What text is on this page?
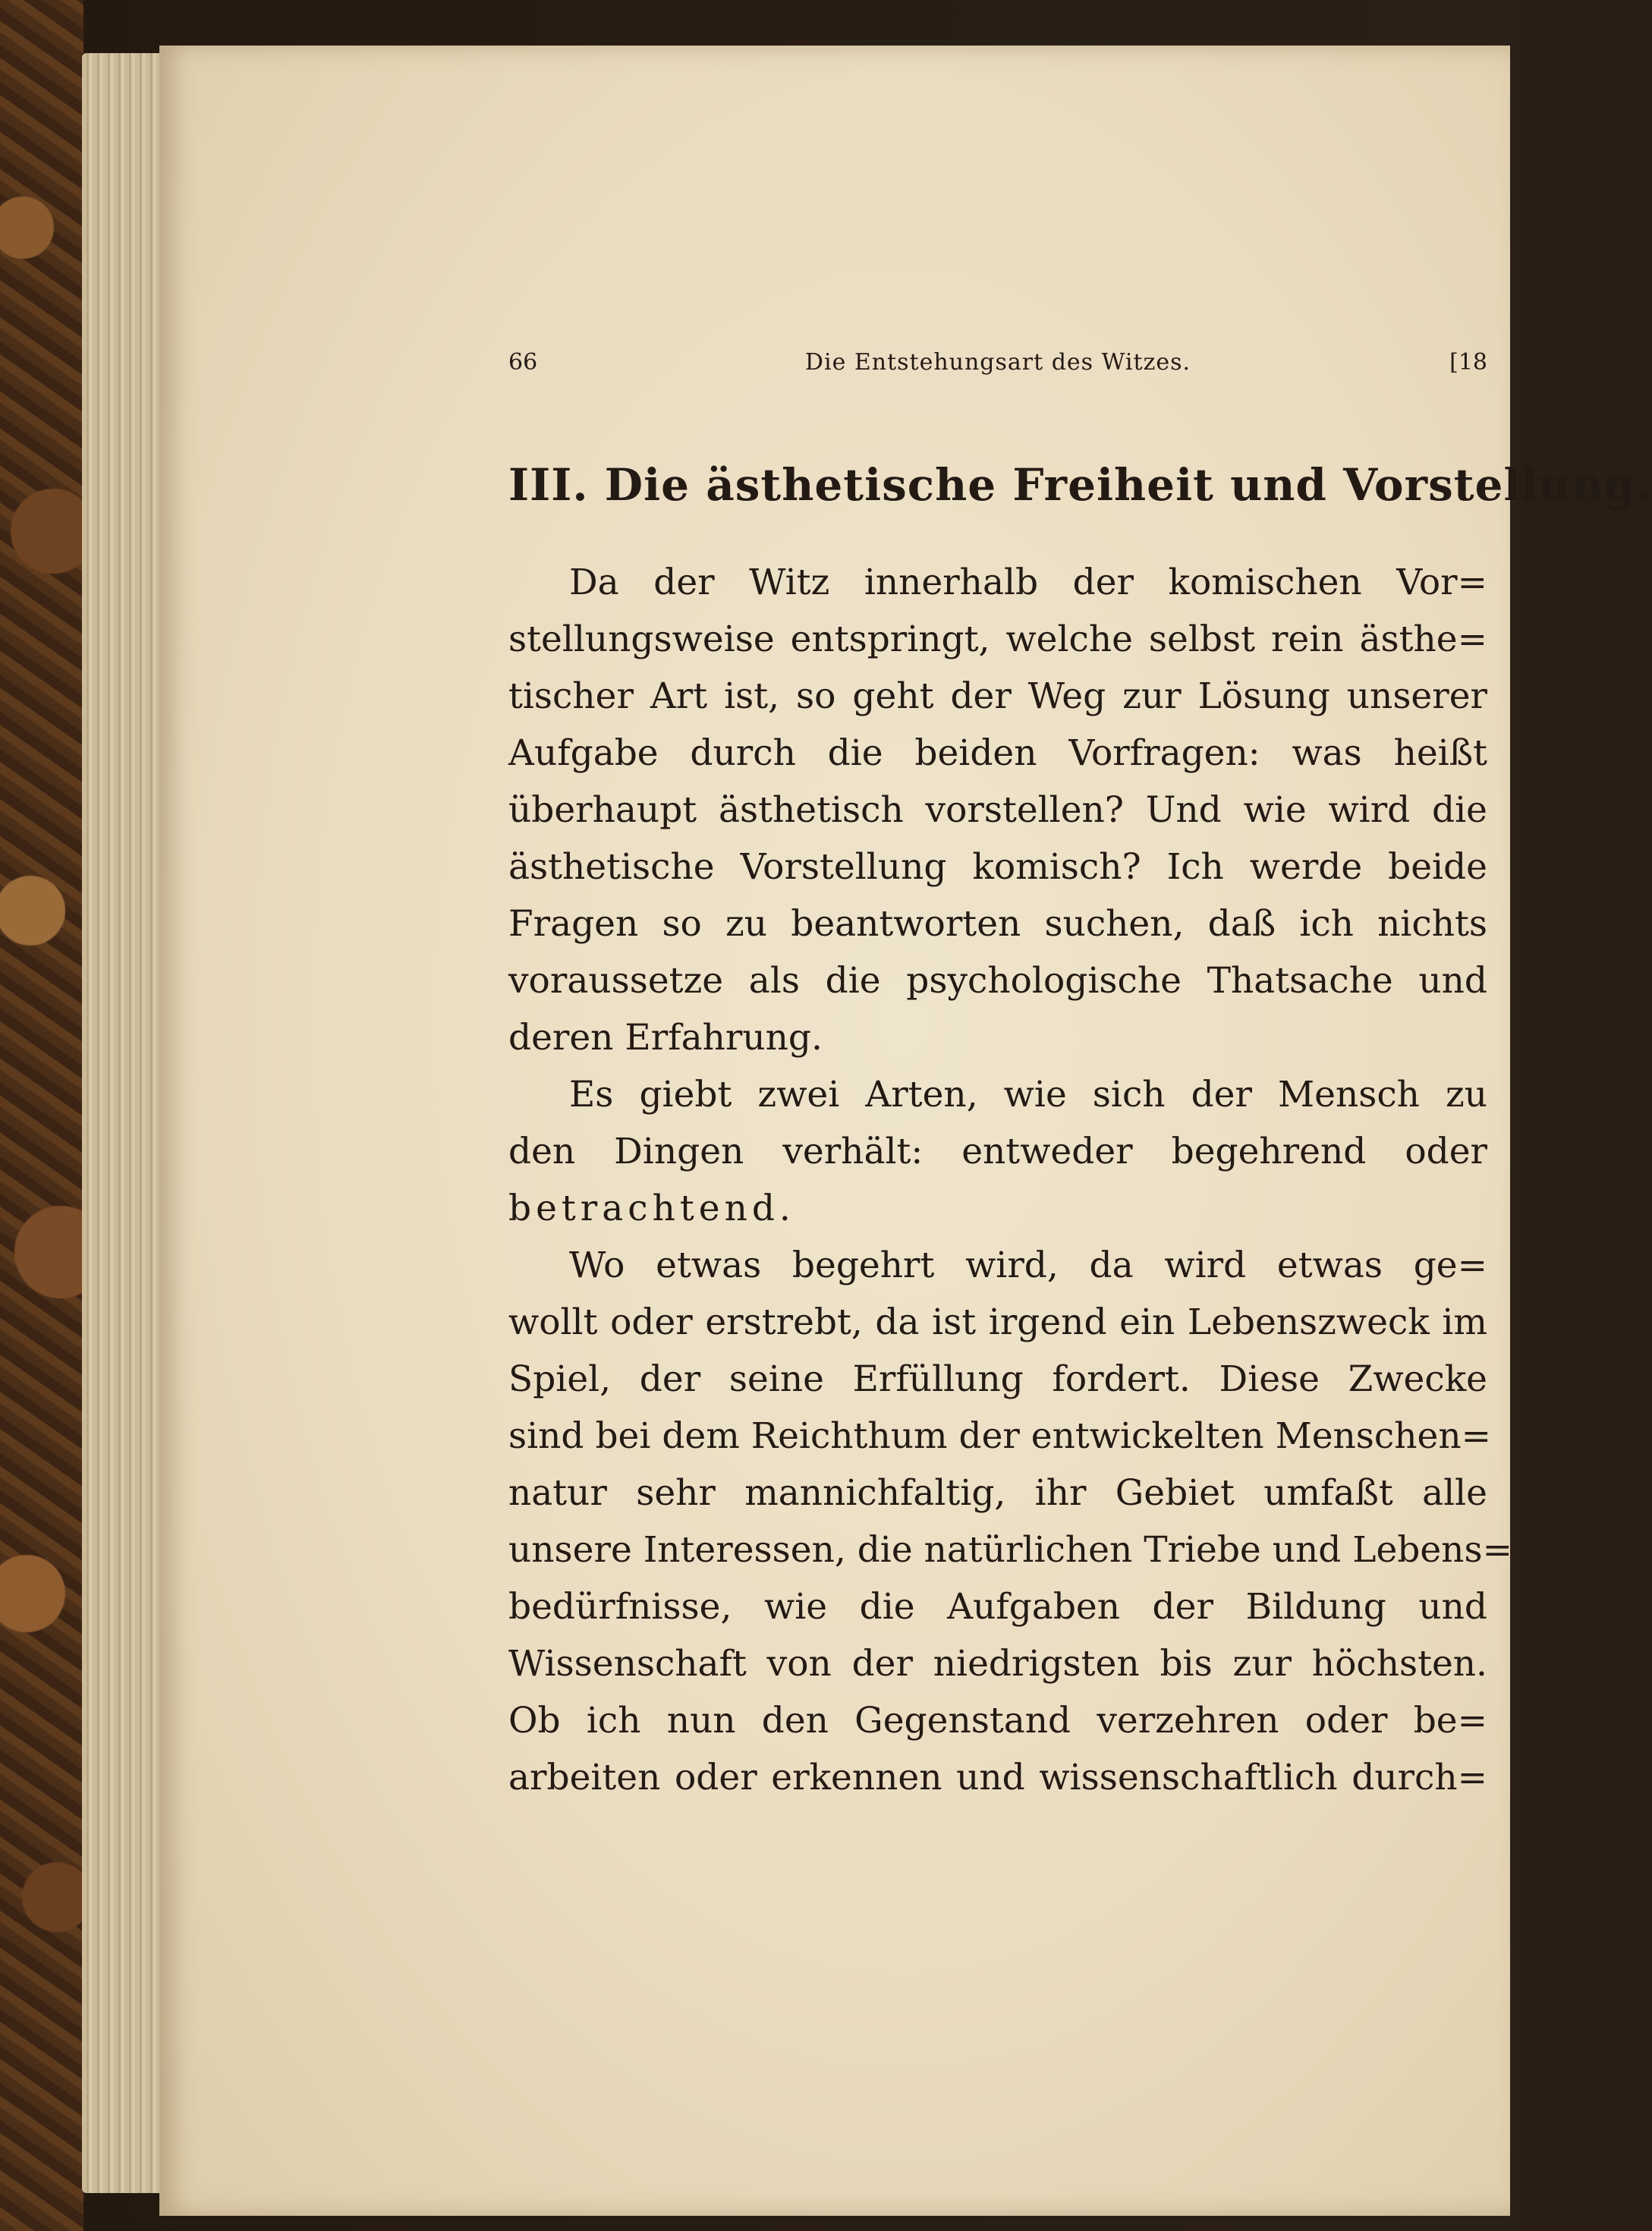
66	Die Entstehungsart des Witzes.	[18
III. Die ästhetische Freiheit und Vorstellung.
Da der Witz innerhalb der komischen Vor=
stellungsweise entspringt, welche selbst rein ästhe=
tischer Art ist, so geht der Weg zur Lösung unserer
Aufgabe durch die beiden Vorfragen: was heißt
überhaupt ästhetisch vorstellen? Und wie wird die
ästhetische Vorstellung komisch? Ich werde beide
Fragen so zu beantworten suchen, daß ich nichts
voraussetze als die psychologische Thatsache und
deren Erfahrung.
Es giebt zwei Arten, wie sich der Mensch zu
den Dingen verhält: entweder begehrend oder
betrachtend.
Wo etwas begehrt wird, da wird etwas ge=
wollt oder erstrebt, da ist irgend ein Lebenszweck im
Spiel, der seine Erfüllung fordert. Diese Zwecke
sind bei dem Reichthum der entwickelten Menschen=
natur sehr mannichfaltig, ihr Gebiet umfaßt alle
unsere Interessen, die natürlichen Triebe und Lebens=
bedürfnisse, wie die Aufgaben der Bildung und
Wissenschaft von der niedrigsten bis zur höchsten.
Ob ich nun den Gegenstand verzehren oder be=
arbeiten oder erkennen und wissenschaftlich durch=
